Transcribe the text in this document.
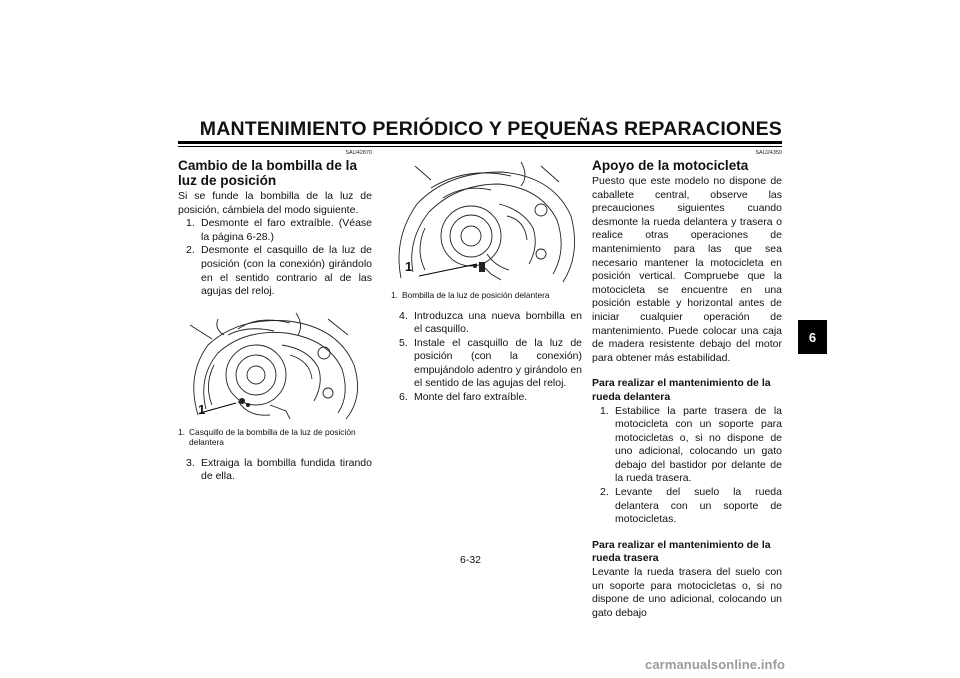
MANTENIMIENTO PERIÓDICO Y PEQUEÑAS REPARACIONES
SAU42870
Cambio de la bombilla de la luz de posición

Si se funde la bombilla de la luz de posición, cámbiela del modo siguiente.

1. Desmonte el faro extraíble. (Véase la página 6-28.)
2. Desmonte el casquillo de la luz de posición (con la conexión) girándolo en el sentido contrario al de las agujas del reloj.
1
1. Casquillo de la bombilla de la luz de posición delantera
3. Extraiga la bombilla fundida tirando de ella.
1
1. Bombilla de la luz de posición delantera
4. Introduzca una nueva bombilla en el casquillo.
5. Instale el casquillo de la luz de posición (con la conexión) empujándolo adentro y girándolo en el sentido de las agujas del reloj.
6. Monte del faro extraíble.
SAU24350
Apoyo de la motocicleta

Puesto que este modelo no dispone de caballete central, observe las precauciones siguientes cuando desmonte la rueda delantera y trasera o realice otras operaciones de mantenimiento para las que sea necesario mantener la motocicleta en posición vertical. Compruebe que la motocicleta se encuentre en una posición estable y horizontal antes de iniciar cualquier operación de mantenimiento. Puede colocar una caja de madera resistente debajo del motor para obtener más estabilidad.

Para realizar el mantenimiento de la rueda delantera

1. Estabilice la parte trasera de la motocicleta con un soporte para motocicletas o, si no dispone de uno adicional, colocando un gato debajo del bastidor por delante de la rueda trasera.
2. Levante del suelo la rueda delantera con un soporte de motocicletas.

Para realizar el mantenimiento de la rueda trasera

Levante la rueda trasera del suelo con un soporte para motocicletas o, si no dispone de uno adicional, colocando un gato debajo

6
6-32
carmanualsonline.info
